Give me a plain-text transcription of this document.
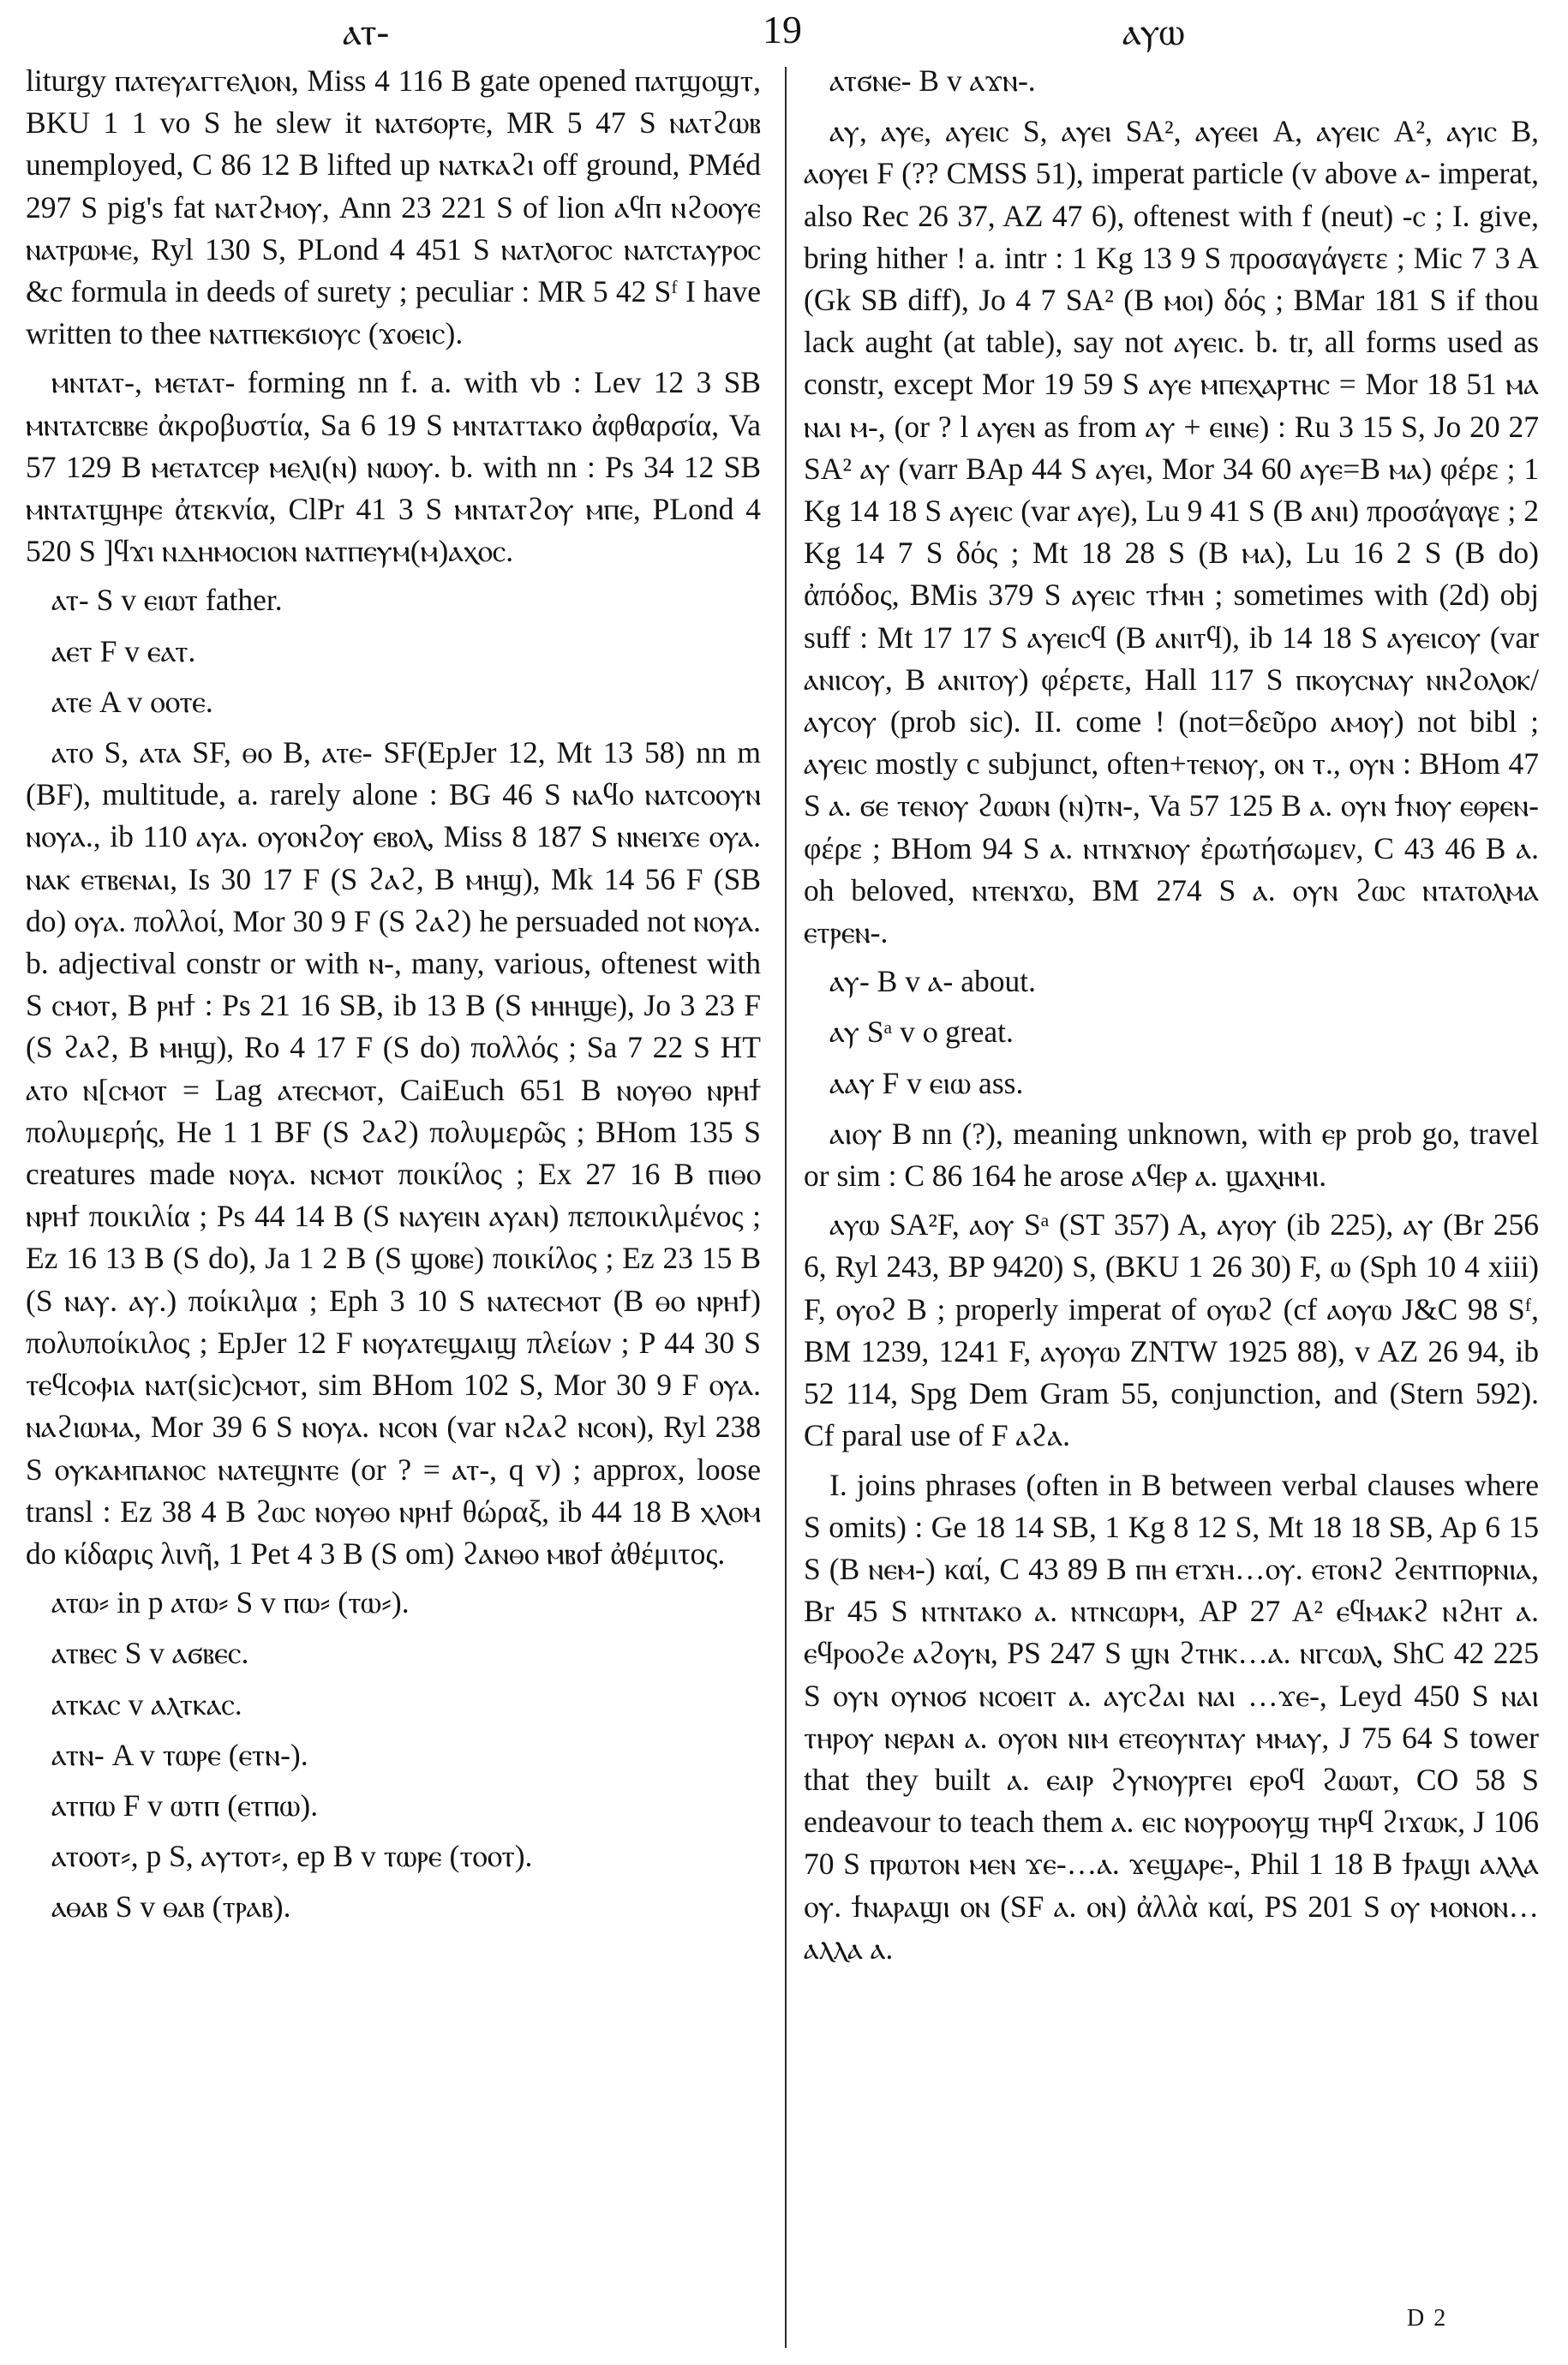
ⲁⲧ-	19	ⲁⲩⲱ

liturgy ⲡⲁⲧⲉⲩⲁⲅⲅⲉⲗⲓⲟⲛ, Miss 4 116 B gate opened ⲡⲁⲧϣⲟϣⲧ, BKU 1 1 vo S he slew it ⲛⲁⲧϭⲟⲣⲧⲉ, MR 5 47 S ⲛⲁⲧϩⲱⲃ unemployed, C 86 12 B lifted up ⲛⲁⲧⲕⲁϩⲓ off ground, PMéd 297 S pig's fat ⲛⲁⲧϩⲙⲟⲩ, Ann 23 221 S of lion ⲁϥⲡ ⲛϩⲟⲟⲩⲉ ⲛⲁⲧⲣⲱⲙⲉ, Ryl 130 S, PLond 4 451 S ⲛⲁⲧⲗⲟⲅⲟⲥ ⲛⲁⲧⲥⲧⲁⲩⲣⲟⲥ &c formula in deeds of surety ; peculiar : MR 5 42 Sᶠ I have written to thee ⲛⲁⲧⲡⲉⲕϭⲓⲟⲩⲥ (ϫⲟⲉⲓⲥ).

ⲙⲛⲧⲁⲧ-, ⲙⲉⲧⲁⲧ- forming nn f. a. with vb : Lev 12 3 SB ⲙⲛⲧⲁⲧⲥⲃⲃⲉ ἀκροβυστία, Sa 6 19 S ⲙⲛⲧⲁⲧⲧⲁⲕⲟ ἀφθαρσία, Va 57 129 B ⲙⲉⲧⲁⲧⲥⲉⲣ ⲙⲉⲗⲓ(ⲛ) ⲛⲱⲟⲩ. b. with nn : Ps 34 12 SB ⲙⲛⲧⲁⲧϣⲏⲣⲉ ἀτεκνία, ClPr 41 3 S ⲙⲛⲧⲁⲧϩⲟⲩ ⲙⲡⲉ, PLond 4 520 S ]ϥϫⲓ ⲛⲇⲏⲙⲟⲥⲓⲟⲛ ⲛⲁⲧⲡⲉⲩⲙ(ⲙ)ⲁⲭⲟⲥ.

ⲁⲧ- S v ⲉⲓⲱⲧ father.

ⲁⲉⲧ F v ⲉⲁⲧ.

ⲁⲧⲉ A v ⲟⲟⲧⲉ.

ⲁⲧⲟ S, ⲁⲧⲁ SF, ⲑⲟ B, ⲁⲧⲉ- SF(EpJer 12, Mt 13 58) nn m (BF), multitude, a. rarely alone : BG 46 S ⲛⲁϥⲟ ⲛⲁⲧⲥⲟⲟⲩⲛ ⲛⲟⲩⲁ., ib 110 ⲁⲩⲁ. ⲟⲩⲟⲛϩⲟⲩ ⲉⲃⲟⲗ, Miss 8 187 S ⲛⲛⲉⲓϫⲉ ⲟⲩⲁ. ⲛⲁⲕ ⲉⲧⲃⲉⲛⲁⲓ, Is 30 17 F (S ϩⲁϩ, B ⲙⲏϣ), Mk 14 56 F (SB do) ⲟⲩⲁ. πολλοί, Mor 30 9 F (S ϩⲁϩ) he persuaded not ⲛⲟⲩⲁ. b. adjectival constr or with ⲛ-, many, various, oftenest with S ⲥⲙⲟⲧ, B ⲣⲏϯ : Ps 21 16 SB, ib 13 B (S ⲙⲏⲏϣⲉ), Jo 3 23 F (S ϩⲁϩ, B ⲙⲏϣ), Ro 4 17 F (S do) πολλός ; Sa 7 22 S HT ⲁⲧⲟ ⲛ[ⲥⲙⲟⲧ = Lag ⲁⲧⲉⲥⲙⲟⲧ, CaiEuch 651 B ⲛⲟⲩⲑⲟ ⲛⲣⲏϯ πολυμερής, He 1 1 BF (S ϩⲁϩ) πολυμερῶς ; BHom 135 S creatures made ⲛⲟⲩⲁ. ⲛⲥⲙⲟⲧ ποικίλος ; Ex 27 16 B ⲡⲓⲑⲟ ⲛⲣⲏϯ ποικιλία ; Ps 44 14 B (S ⲛⲁⲩⲉⲓⲛ ⲁⲩⲁⲛ) πεποικιλμένος ; Ez 16 13 B (S do), Ja 1 2 B (S ϣⲟⲃⲉ) ποικίλος ; Ez 23 15 B (S ⲛⲁⲩ. ⲁⲩ.) ποίκιλμα ; Eph 3 10 S ⲛⲁⲧⲉⲥⲙⲟⲧ (B ⲑⲟ ⲛⲣⲏϯ) πολυποίκιλος ; EpJer 12 F ⲛⲟⲩⲁⲧⲉϣⲁⲓϣ πλείων ; P 44 30 S ⲧⲉϥⲥⲟⲫⲓⲁ ⲛⲁⲧ(sic)ⲥⲙⲟⲧ, sim BHom 102 S, Mor 30 9 F ⲟⲩⲁ. ⲛⲁϩⲓⲱⲙⲁ, Mor 39 6 S ⲛⲟⲩⲁ. ⲛⲥⲟⲛ (var ⲛϩⲁϩ ⲛⲥⲟⲛ), Ryl 238 S ⲟⲩⲕⲁⲙⲡⲁⲛⲟⲥ ⲛⲁⲧⲉϣⲛⲧⲉ (or ? = ⲁⲧ-, q v) ; approx, loose transl : Ez 38 4 B ϩⲱⲥ ⲛⲟⲩⲑⲟ ⲛⲣⲏϯ θώραξ, ib 44 18 B ⲭⲗⲟⲙ do κίδαρις λινῆ, 1 Pet 4 3 B (S om) ϩⲁⲛⲑⲟ ⲙⲃⲟϯ ἀθέμιτος.

ⲁⲧⲱ⸗ in p ⲁⲧⲱ⸗ S v ⲡⲱ⸗ (ⲧⲱ⸗).

ⲁⲧⲃⲉⲥ S v ⲁϭⲃⲉⲥ.

ⲁⲧⲕⲁⲥ v ⲁⲗⲧⲕⲁⲥ.

ⲁⲧⲛ- A v ⲧⲱⲣⲉ (ⲉⲧⲛ-).

ⲁⲧⲡⲱ F v ⲱⲧⲡ (ⲉⲧⲡⲱ).

ⲁⲧⲟⲟⲧ⸗, p S, ⲁⲩⲧⲟⲧ⸗, ep B v ⲧⲱⲣⲉ (ⲧⲟⲟⲧ).

ⲁⲑⲁⲃ S v ⲑⲁⲃ (ⲧⲣⲁⲃ).

ⲁⲧϭⲛⲉ- B v ⲁϫⲛ-.

ⲁⲩ, ⲁⲩⲉ, ⲁⲩⲉⲓⲥ S, ⲁⲩⲉⲓ SA², ⲁⲩⲉⲉⲓ A, ⲁⲩⲉⲓⲥ A², ⲁⲩⲓⲥ B, ⲁⲟⲩⲉⲓ F (?? CMSS 51), imperat particle (v above ⲁ- imperat, also Rec 26 37, AZ 47 6), oftenest with f (neut) -ⲥ ; I. give, bring hither ! a. intr : 1 Kg 13 9 S προσαγάγετε ; Mic 7 3 A (Gk SB diff), Jo 4 7 SA² (B ⲙⲟⲓ) δός ; BMar 181 S if thou lack aught (at table), say not ⲁⲩⲉⲓⲥ. b. tr, all forms used as constr, except Mor 19 59 S ⲁⲩⲉ ⲙⲡⲉⲭⲁⲣⲧⲏⲥ = Mor 18 51 ⲙⲁ ⲛⲁⲓ ⲙ-, (or ? l ⲁⲩⲉⲛ as from ⲁⲩ + ⲉⲓⲛⲉ) : Ru 3 15 S, Jo 20 27 SA² ⲁⲩ (varr BAp 44 S ⲁⲩⲉⲓ, Mor 34 60 ⲁⲩⲉ=B ⲙⲁ) φέρε ; 1 Kg 14 18 S ⲁⲩⲉⲓⲥ (var ⲁⲩⲉ), Lu 9 41 S (B ⲁⲛⲓ) προσάγαγε ; 2 Kg 14 7 S δός ; Mt 18 28 S (B ⲙⲁ), Lu 16 2 S (B do) ἀπόδος, BMis 379 S ⲁⲩⲉⲓⲥ ⲧϯⲙⲏ ; sometimes with (2d) obj suff : Mt 17 17 S ⲁⲩⲉⲓⲥϥ (B ⲁⲛⲓⲧϥ), ib 14 18 S ⲁⲩⲉⲓⲥⲟⲩ (var ⲁⲛⲓⲥⲟⲩ, B ⲁⲛⲓⲧⲟⲩ) φέρετε, Hall 117 S ⲡⲕⲟⲩⲥⲛⲁⲩ ⲛⲛϩⲟⲗⲟⲕ/ ⲁⲩⲥⲟⲩ (prob sic). II. come ! (not=δεῦρο ⲁⲙⲟⲩ) not bibl ; ⲁⲩⲉⲓⲥ mostly c subjunct, often+ⲧⲉⲛⲟⲩ, ⲟⲛ ⲧ., ⲟⲩⲛ : BHom 47 S ⲁ. ϭⲉ ⲧⲉⲛⲟⲩ ϩⲱⲱⲛ (ⲛ)ⲧⲛ-, Va 57 125 B ⲁ. ⲟⲩⲛ ϯⲛⲟⲩ ⲉⲑⲣⲉⲛ- φέρε ; BHom 94 S ⲁ. ⲛⲧⲛϫⲛⲟⲩ ἐρωτήσωμεν, C 43 46 B ⲁ. oh beloved, ⲛⲧⲉⲛϫⲱ, BM 274 S ⲁ. ⲟⲩⲛ ϩⲱⲥ ⲛⲧⲁⲧⲟⲗⲙⲁ ⲉⲧⲣⲉⲛ-.

ⲁⲩ- B v ⲁ- about.

ⲁⲩ Sᵃ v ⲟ great.

ⲁⲁⲩ F v ⲉⲓⲱ ass.

ⲁⲓⲟⲩ B nn (?), meaning unknown, with ⲉⲣ prob go, travel or sim : C 86 164 he arose ⲁϥⲉⲣ ⲁ. ϣⲁⲭⲏⲙⲓ.

ⲁⲩⲱ SA²F, ⲁⲟⲩ Sᵃ (ST 357) A, ⲁⲩⲟⲩ (ib 225), ⲁⲩ (Br 256 6, Ryl 243, BP 9420) S, (BKU 1 26 30) F, ⲱ (Sph 10 4 xiii) F, ⲟⲩⲟϩ B ; properly imperat of ⲟⲩⲱϩ (cf ⲁⲟⲩⲱ J&C 98 Sᶠ, BM 1239, 1241 F, ⲁⲩⲟⲩⲱ ZNTW 1925 88), v AZ 26 94, ib 52 114, Spg Dem Gram 55, conjunction, and (Stern 592). Cf paral use of F ⲁϩⲁ.

I. joins phrases (often in B between verbal clauses where S omits) : Ge 18 14 SB, 1 Kg 8 12 S, Mt 18 18 SB, Ap 6 15 S (B ⲛⲉⲙ-) καί, C 43 89 B ⲡⲏ ⲉⲧϫⲏ…ⲟⲩ. ⲉⲧⲟⲛϩ ϩⲉⲛⲧⲡⲟⲣⲛⲓⲁ, Br 45 S ⲛⲧⲛⲧⲁⲕⲟ ⲁ. ⲛⲧⲛⲥⲱⲣⲙ, AP 27 A² ⲉϥⲙⲁⲕϩ ⲛϩⲏⲧ ⲁ. ⲉϥⲣⲟⲟϩⲉ ⲁϩⲟⲩⲛ, PS 247 S ϣⲛ ϩⲧⲏⲕ…ⲁ. ⲛⲅⲥⲱⲗ, ShC 42 225 S ⲟⲩⲛ ⲟⲩⲛⲟϭ ⲛⲥⲟⲉⲓⲧ ⲁ. ⲁⲩⲥϩⲁⲓ ⲛⲁⲓ …ϫⲉ-, Leyd 450 S ⲛⲁⲓ ⲧⲏⲣⲟⲩ ⲛⲉⲣⲁⲛ ⲁ. ⲟⲩⲟⲛ ⲛⲓⲙ ⲉⲧⲉⲟⲩⲛⲧⲁⲩ ⲙⲙⲁⲩ, J 75 64 S tower that they built ⲁ. ⲉⲁⲓⲣ ϩⲩⲛⲟⲩⲣⲅⲉⲓ ⲉⲣⲟϥ ϩⲱⲱⲧ, CO 58 S endeavour to teach them ⲁ. ⲉⲓⲥ ⲛⲟⲩⲣⲟⲟⲩϣ ⲧⲏⲣϥ ϩⲓϫⲱⲕ, J 106 70 S ⲡⲣⲱⲧⲟⲛ ⲙⲉⲛ ϫⲉ-…ⲁ. ϫⲉϣⲁⲣⲉ-, Phil 1 18 B ϯⲣⲁϣⲓ ⲁⲗⲗⲁ ⲟⲩ. ϯⲛⲁⲣⲁϣⲓ ⲟⲛ (SF ⲁ. ⲟⲛ) ἀλλὰ καί, PS 201 S ⲟⲩ ⲙⲟⲛⲟⲛ…ⲁⲗⲗⲁ ⲁ.

D 2
